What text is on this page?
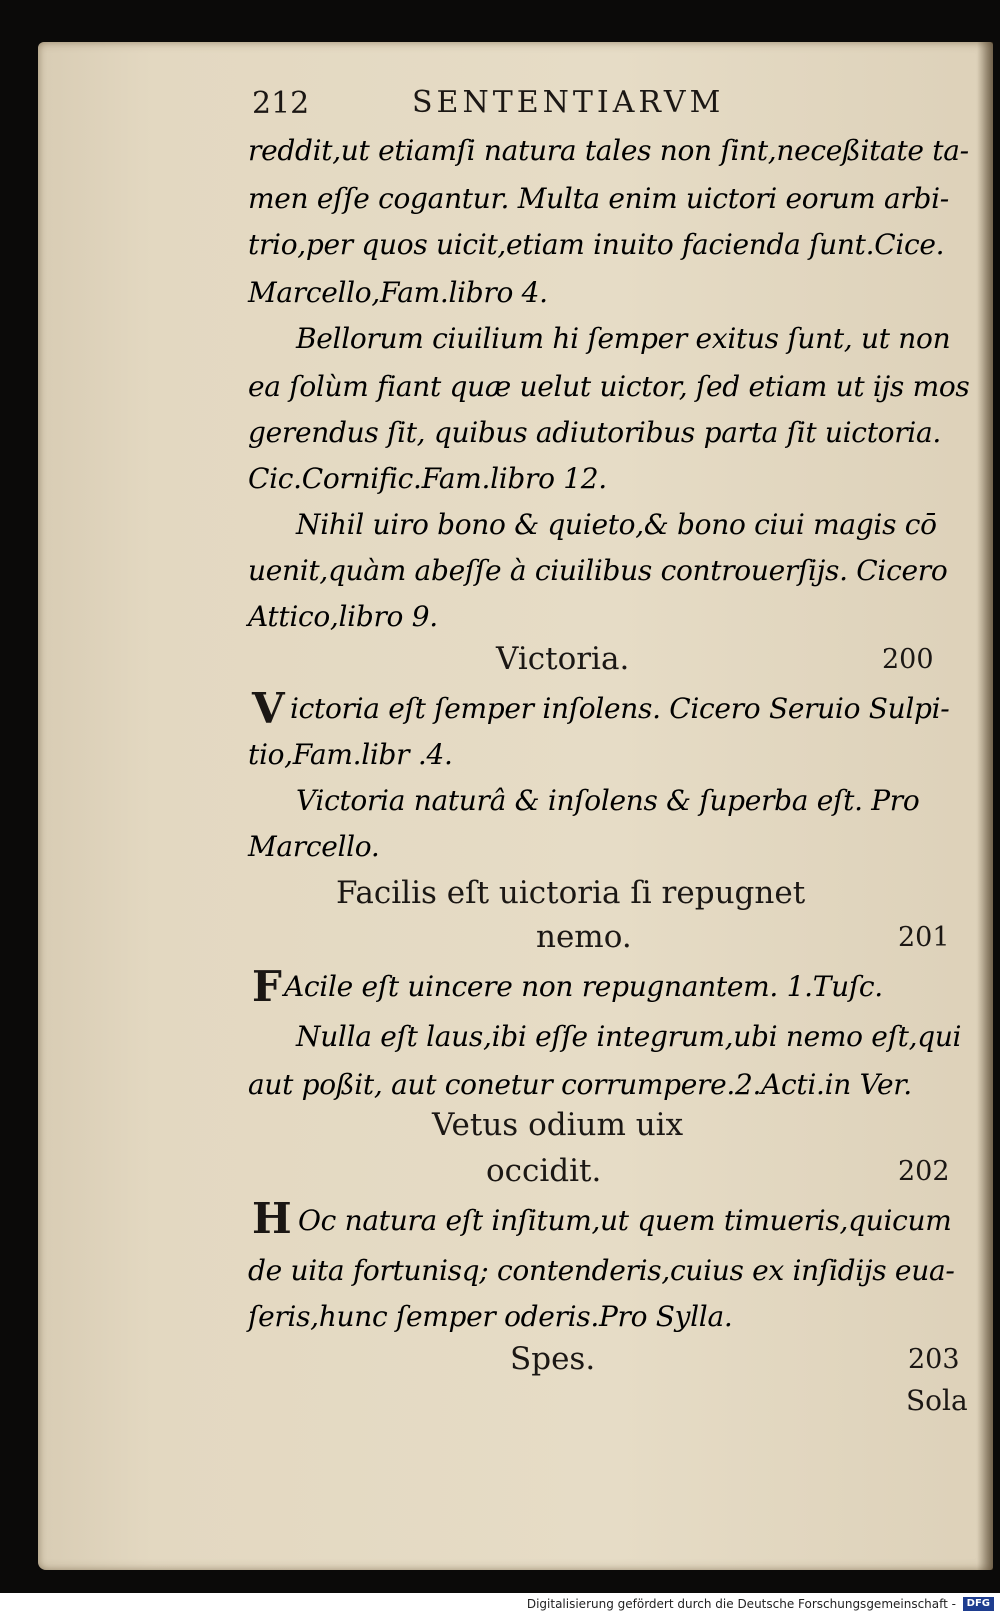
212	SENTENTIARVM
reddit,ut etiamſi natura tales non ſint,neceßitate ta-
men eſſe cogantur. Multa enim uictori eorum arbi-
trio,per quos uicit,etiam inuito facienda ſunt.Cice.
Marcello,Fam.libro 4.
Bellorum ciuilium hi ſemper exitus ſunt, ut non
ea ſolùm fiant quæ uelut uictor, ſed etiam ut ijs mos
gerendus ſit, quibus adiutoribus parta ſit uictoria.
Cic.Cornific.Fam.libro 12.
Nihil uiro bono & quieto,& bono ciui magis cō
uenit,quàm abeſſe à ciuilibus controuerſijs. Cicero
Attico,libro 9.
Victoria.	200
V ictoria eſt ſemper inſolens. Cicero Seruio Sulpi-
tio,Fam.libr .4.
Victoria naturâ & inſolens & ſuperba eſt. Pro
Marcello.
Facilis eſt uictoria ſi repugnet
nemo.	201
F Acile eſt uincere non repugnantem. 1.Tuſc.
Nulla eſt laus,ibi eſſe integrum,ubi nemo eſt,qui
aut poßit, aut conetur corrumpere.2.Acti.in Ver.
Vetus odium uix
occidit.	202
H Oc natura eſt inſitum,ut quem timueris,quicum
de uita fortunisq; contenderis,cuius ex inſidijs eua-
ſeris,hunc ſemper oderis.Pro Sylla.
Spes.	203
Sola
Digitalisierung gefördert durch die Deutsche Forschungsgemeinschaft -	DFG
